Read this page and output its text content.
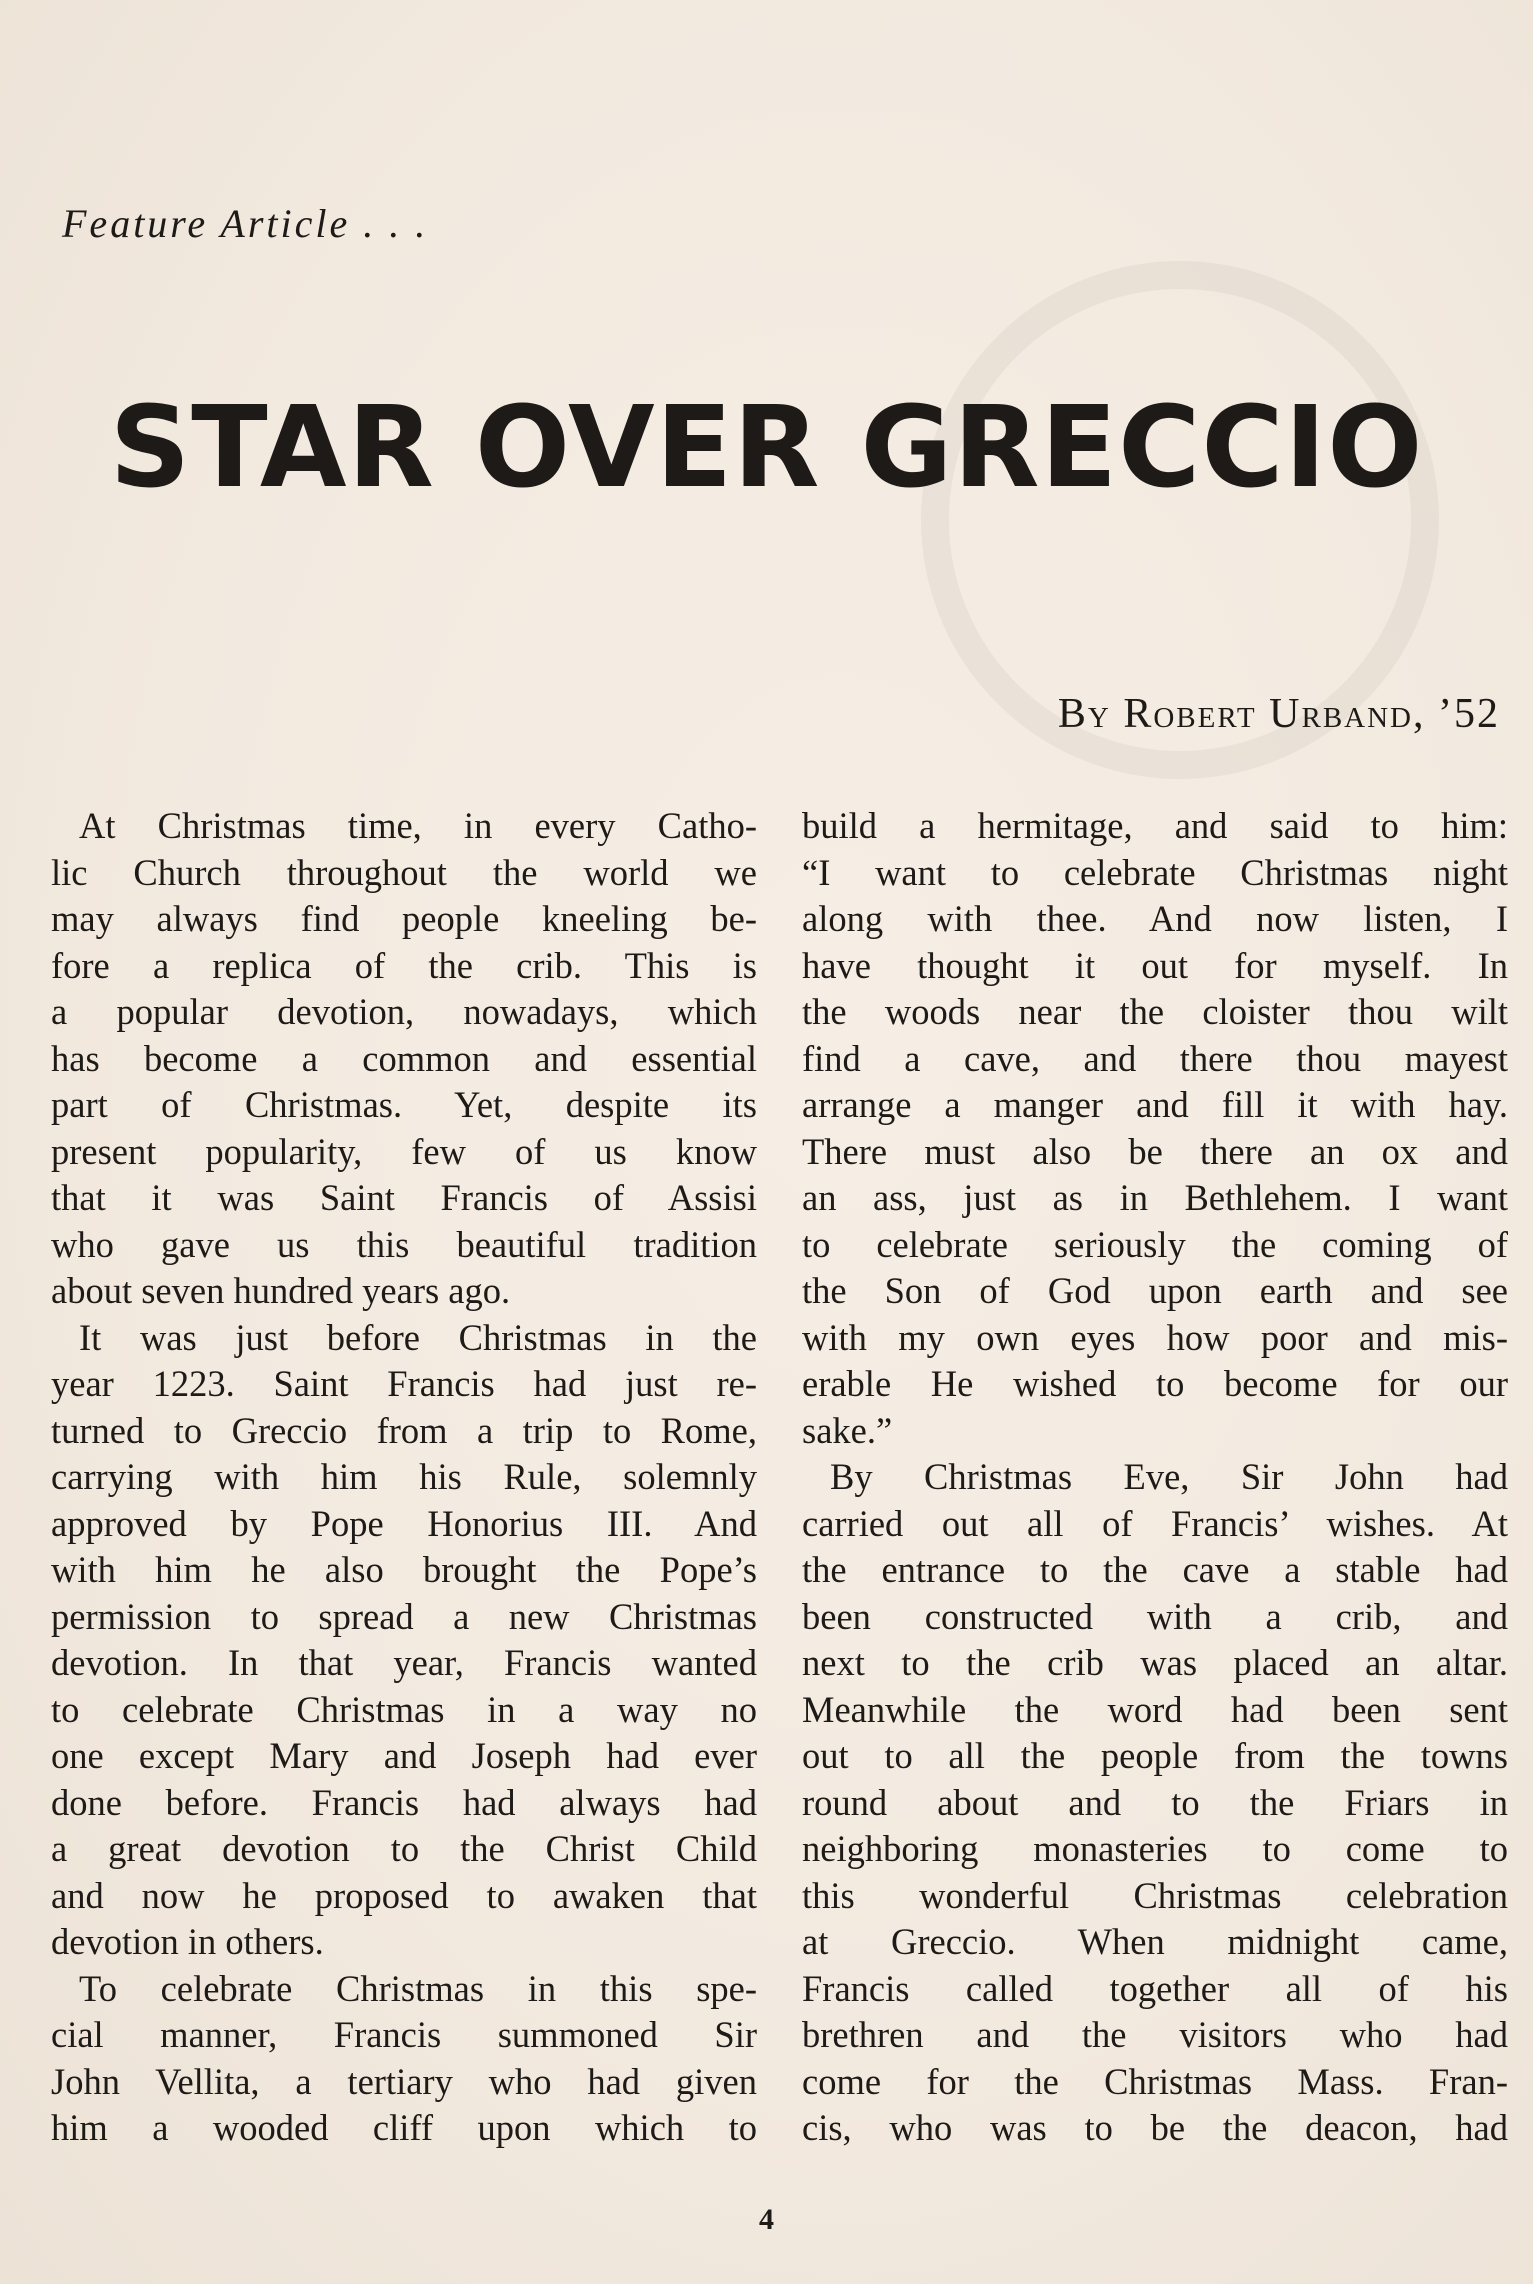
Feature Article . . .

STAR OVER GRECCIO

By Robert Urband, ’52

At Christmas time, in every Catho-
lic Church throughout the world we
may always find people kneeling be-
fore a replica of the crib. This is
a popular devotion, nowadays, which
has become a common and essential
part of Christmas. Yet, despite its
present popularity, few of us know
that it was Saint Francis of Assisi
who gave us this beautiful tradition
about seven hundred years ago.
It was just before Christmas in the
year 1223. Saint Francis had just re-
turned to Greccio from a trip to Rome,
carrying with him his Rule, solemnly
approved by Pope Honorius III. And
with him he also brought the Pope’s
permission to spread a new Christmas
devotion. In that year, Francis wanted
to celebrate Christmas in a way no
one except Mary and Joseph had ever
done before. Francis had always had
a great devotion to the Christ Child
and now he proposed to awaken that
devotion in others.
To celebrate Christmas in this spe-
cial manner, Francis summoned Sir
John Vellita, a tertiary who had given
him a wooded cliff upon which to
build a hermitage, and said to him:
“I want to celebrate Christmas night
along with thee. And now listen, I
have thought it out for myself. In
the woods near the cloister thou wilt
find a cave, and there thou mayest
arrange a manger and fill it with hay.
There must also be there an ox and
an ass, just as in Bethlehem. I want
to celebrate seriously the coming of
the Son of God upon earth and see
with my own eyes how poor and mis-
erable He wished to become for our
sake.”
By Christmas Eve, Sir John had
carried out all of Francis’ wishes. At
the entrance to the cave a stable had
been constructed with a crib, and
next to the crib was placed an altar.
Meanwhile the word had been sent
out to all the people from the towns
round about and to the Friars in
neighboring monasteries to come to
this wonderful Christmas celebration
at Greccio. When midnight came,
Francis called together all of his
brethren and the visitors who had
come for the Christmas Mass. Fran-
cis, who was to be the deacon, had

4
